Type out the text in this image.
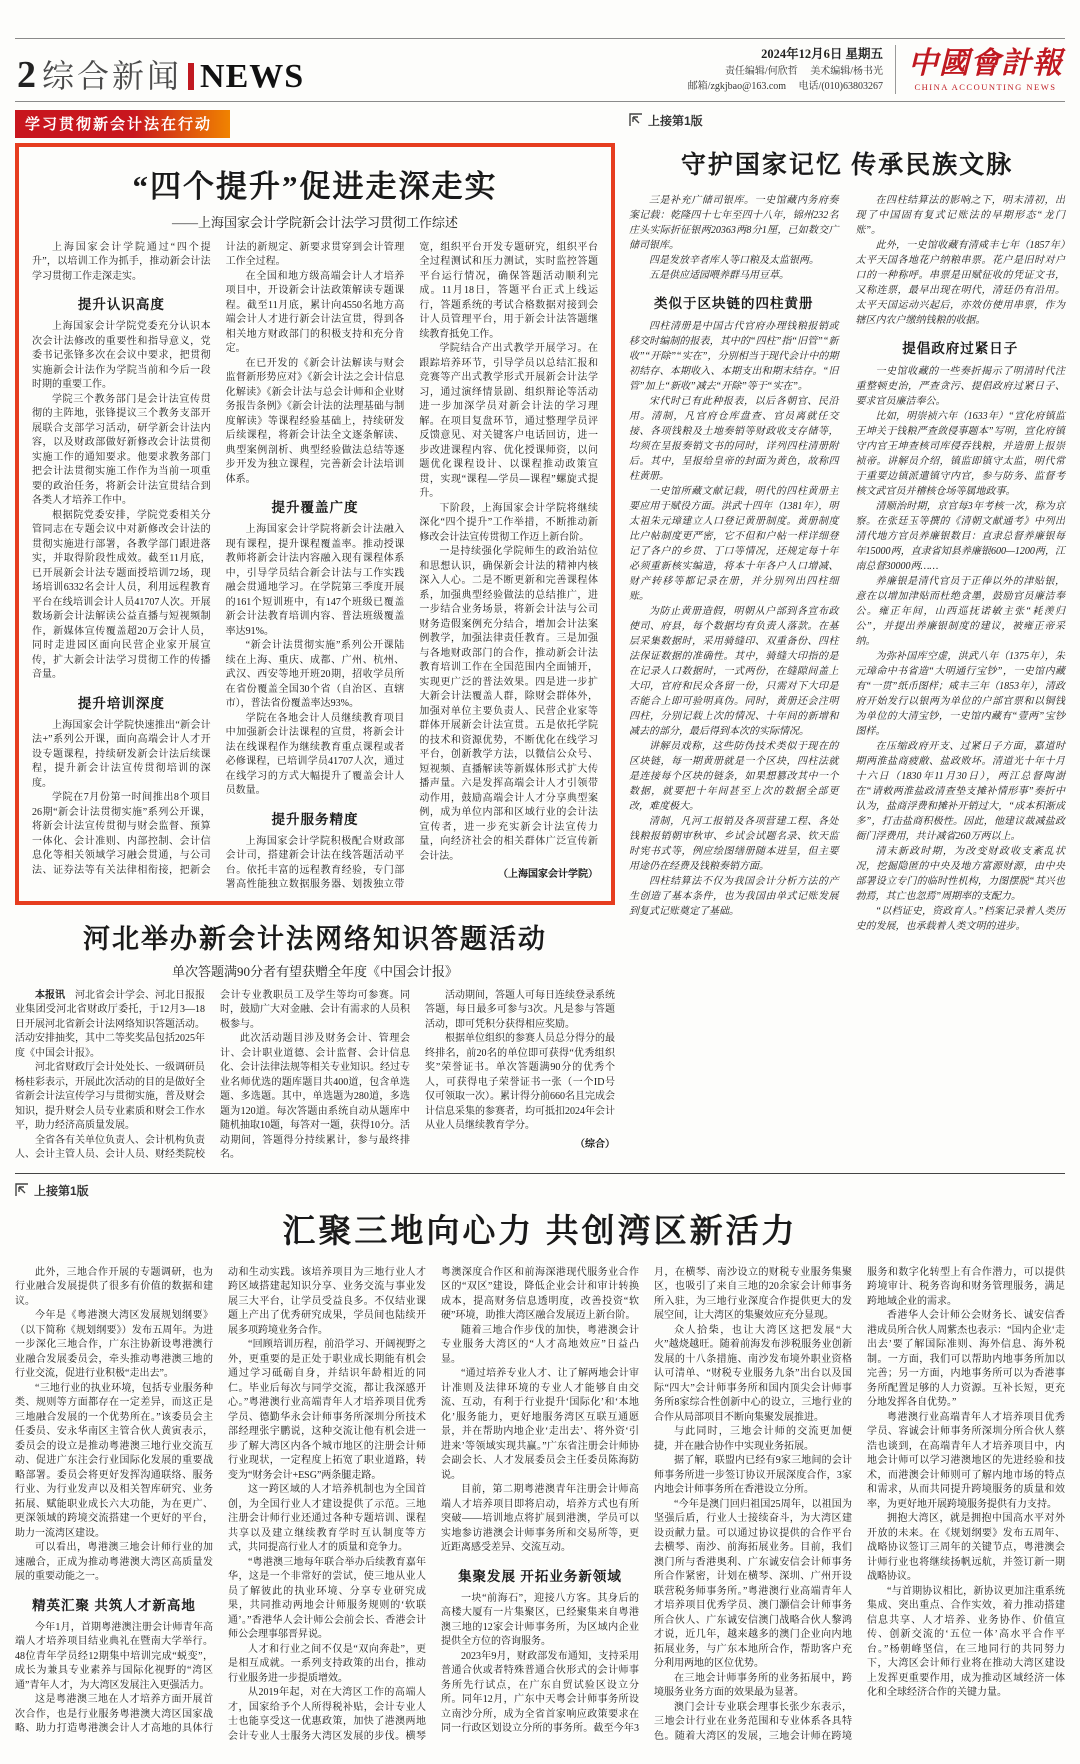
2 综合新闻 NEWS
2024年12月6日 星期五
责任编辑/何欣哲 美术编辑/杨书光
邮箱/zgkjbao@163.com 电话/(010)63803267
中國會計報
CHINA ACCOUNTING NEWS
学习贯彻新会计法在行动
“四个提升”促进走深走实
——上海国家会计学院新会计法学习贯彻工作综述

上海国家会计学院通过“四个提升”，以培训工作为抓手，推动新会计法学习贯彻工作走深走实。

提升认识高度

上海国家会计学院党委充分认识本次会计法修改的重要性和指导意义，党委书记张锋多次在会议中要求，把贯彻实施新会计法作为学院当前和今后一段时期的重要工作。

学院三个教务部门是会计法宣传贯彻的主阵地，张锋提议三个教务支部开展联合支部学习活动，研学新会计法内容，以及财政部做好新修改会计法贯彻实施工作的通知要求。他要求教务部门把会计法贯彻实施工作作为当前一项重要的政治任务，将新会计法宣贯结合到各类人才培养工作中。

根据院党委安排，学院党委相关分管同志在专题会议中对新修改会计法的贯彻实施进行部署，各教学部门跟进落实，并取得阶段性成效。截至11月底，已开展新会计法专题面授培训72场，现场培训6332名会计人员，利用远程教育平台在线培训会计人员41707人次。开展数场新会计法解读公益直播与短视频制作，新媒体宣传覆盖超20万会计人员，同时走进园区面向民营企业家开展宣传，扩大新会计法学习贯彻工作的传播音量。

提升培训深度

上海国家会计学院快速推出“新会计法+”系列公开课，面向高端会计人才开设专题课程，持续研发新会计法后续课程，提升新会计法宣传贯彻培训的深度。

学院在7月份第一时间推出8个项目26期“新会计法贯彻实施”系列公开课，将新会计法宣传贯彻与财会监督、预算一体化、会计准则、内部控制、会计信息化等相关领域学习融会贯通，与公司法、证券法等有关法律相衔接，把新会计法的新规定、新要求贯穿到会计管理工作全过程。

在全国和地方级高端会计人才培养项目中，开设新会计法政策解读专题课程。截至11月底，累计向4550名地方高端会计人才进行新会计法宣贯，得到各相关地方财政部门的积极支持和充分肯定。

在已开发的《新会计法解读与财会监督新形势应对》《新会计法之会计信息化解读》《新会计法与总会计师和企业财务报告条例》《新会计法的法理基础与制度解读》等课程经验基础上，持续研发后续课程，将新会计法全文逐条解读、典型案例剖析、典型经验做法总结等逐步开发为独立课程，完善新会计法培训体系。

提升覆盖广度

上海国家会计学院将新会计法融入现有课程，提升课程覆盖率。推动授课教师将新会计法内容融入现有课程体系中，引导学员结合新会计法与工作实践融会贯通地学习。在学院第三季度开展的161个短训班中，有147个班级已覆盖新会计法教育培训内容、普法班级覆盖率达91%。

“新会计法贯彻实施”系列公开课陆续在上海、重庆、成都、广州、杭州、武汉、西安等地开班20期，招收学员所在省份覆盖全国30个省（自治区、直辖市），普法省份覆盖率达93%。

学院在各地会计人员继续教育项目中加强新会计法课程的宣贯，将新会计法在线课程作为继续教育重点课程或者必修课程，已培训学员41707人次，通过在线学习的方式大幅提升了覆盖会计人员数量。

提升服务精度

上海国家会计学院积极配合财政部会计司，搭建新会计法在线答题活动平台。依托丰富的远程教育经验，专门部署高性能独立数据服务器、划拨独立带宽，组织平台开发专题研究，组织平台全过程测试和压力测试，实时监控答题平台运行情况，确保答题活动顺利完成。11月18日，答题平台正式上线运行，答题系统的考试合格数据对接到会计人员管理平台，用于新会计法答题继续教育抵免工作。

学院结合产出式教学开展学习。在跟踪培养环节，引导学员以总结汇报和竞赛等产出式教学形式开展新会计法学习，通过演绎情景剧、组织辩论等活动进一步加深学员对新会计法的学习理解。在项目复盘环节，通过整理学员评反馈意见、对关键客户电话回访，进一步改进课程内容、优化授课师资，以问题优化课程设计、以课程推动政策宣贯，实现“课程—学员—课程”螺旋式提升。

下阶段，上海国家会计学院将继续深化“四个提升”工作举措，不断推动新修改会计法宣传贯彻工作迈上新台阶。

一是持续强化学院师生的政治站位和思想认识，确保新会计法的精神内核深入人心。二是不断更新和完善课程体系，加强典型经验做法的总结推广，进一步结合业务场景，将新会计法与公司财务造假案例充分结合，增加会计法案例教学，加强法律责任教育。三是加强与各地财政部门的合作，推动新会计法教育培训工作在全国范围内全面铺开，实现更广泛的普法效果。四是进一步扩大新会计法覆盖人群，除财会群体外，加强对单位主要负责人、民营企业家等群体开展新会计法宣贯。五是依托学院的技术和资源优势，不断优化在线学习平台，创新教学方法，以微信公众号、短视频、直播解读等新媒体形式扩大传播声量。六是发挥高端会计人才引领带动作用，鼓励高端会计人才分享典型案例，成为单位内部和区域行业的会计法宣传者，进一步充实新会计法宣传力量，向经济社会的相关群体广泛宣传新会计法。

（上海国家会计学院）

河北举办新会计法网络知识答题活动
单次答题满90分者有望获赠全年度《中国会计报》

本报讯　河北省会计学会、河北日报报业集团受河北省财政厅委托，于12月3—18日开展河北省新会计法网络知识答题活动。活动安排抽奖，其中二等奖奖品包括2025年度《中国会计报》。

河北省财政厅会计处处长、一级调研员杨桂彩表示，开展此次活动的目的是做好全省新会计法宣传学习与贯彻实施，普及财会知识，提升财会人员专业素质和财会工作水平，助力经济高质量发展。

全省各有关单位负责人、会计机构负责人、会计主管人员、会计人员、财经类院校会计专业教职员工及学生等均可参赛。同时，鼓励广大对金融、会计有需求的人员积极参与。

此次活动题目涉及财务会计、管理会计、会计职业道德、会计监督、会计信息化、会计法律法规等相关专业知识。经过专业名师优选的题库题目共400道，包含单选题、多选题。其中，单选题为280道，多选题为120道。每次答题由系统自动从题库中随机抽取10题，每答对一题，获得10分。活动期间，答题得分持续累计，参与最终排名。

活动期间，答题人可每日连续登录系统答题，每日最多可参与3次。凡是参与答题活动，即可凭积分获得相应奖励。

根据单位组织的参赛人员总分得分的最终排名，前20名的单位即可获得“优秀组织奖”荣誉证书。单次答题满90分的优秀个人，可获得电子荣誉证书一张（一个ID号仅可领取一次）。累计得分前660名且完成会计信息采集的参赛者，均可抵扣2024年会计从业人员继续教育学分。

（综合）

上接第1版
守护国家记忆 传承民族文脉

三是补充广储司银库。一史馆藏内务府奏案记载：乾隆四十七年至四十八年，锦州232名庄头实际折征银两20363两8分1厘，已如数交广储司银库。

四是发放辛者库人等口粮及太监银两。

五是供应适园喂养群马用豆草。

类似于区块链的四柱黄册

四柱清册是中国古代官府办理钱粮报销或移交时编制的报表，其中的“四柱”指“旧管”“新收”“开除”“实在”，分别相当于现代会计中的期初结存、本期收入、本期支出和期末结存。“旧管”加上“新收”减去“开除”等于“实在”。

宋代时已有此种报表，以后各朝官、民沿用。清制，凡官府仓库盘查、官员离就任交接、各项钱粮及土地奏销等财政收支存储等，均须在呈报奏销文书的同时，详列四柱清册附后。其中，呈报给皇帝的封面为黄色，故称四柱黄册。

一史馆所藏文献记载，明代的四柱黄册主要应用于赋役方面。洪武十四年（1381年），明太祖朱元璋建立人口登记黄册制度。黄册制度比户帖制度更严密，它不但和户帖一样详细登记了各户的乡贯、丁口等情况，还规定每十年必须重新核实编造，将本十年各户人口增减、财产转移等都记录在册，并分别列出四柱细账。

为防止黄册造假，明朝从户部到各宣布政使司、府县，每个数据均有负责人落款。在基层采集数据时，采用骑缝印、双重备份、四柱法保证数据的准确性。其中，骑缝大印指的是在记录人口数据时，一式两份，在缝隙间盖上大印，官府和民众各留一份，只需对下大印是否能合上即可验明真伪。同时，黄册还会注明四柱，分别记载上次的情况、十年间的新增和减去的部分，最后得到本次的实际情况。

讲解员戏称，这些防伪技术类似于现在的区块链，每一期黄册就是一个区块，四柱法就是连接每个区块的链条，如果想篡改其中一个数据，就要把十年间甚至上次的数据全部更改，难度极大。

清制，凡河工报销及各项营建工程、各处钱粮报销朝审秋审、乡试会试题名录、钦天监时宪书式等，例应绘图缮册随本进呈，但主要用途仍在经费及钱粮奏销方面。

四柱结算法不仅为我国会计分析方法的产生创造了基本条件，也为我国由单式记账发展到复式记账奠定了基础。

在四柱结算法的影响之下，明末清初，出现了中国固有复式记账法的早期形态“龙门账”。

此外，一史馆收藏有清咸丰七年（1857年）太平天国各地花户纳粮串票。花户是旧时对户口的一种称呼。串票是田赋征收的凭证文书，又称连票，最早出现在明代，清廷仍有沿用。太平天国运动兴起后，亦效仿使用串票，作为辖区内农户缴纳钱粮的收据。

提倡政府过紧日子

一史馆收藏的一些奏折揭示了明清时代注重整顿吏治，严查贪污、提倡政府过紧日子、要求官员廉洁奉公。

比如，明崇祯六年（1633年）“宣化府镇监王坤关于钱粮严查敛侵事题本”写明，宣化府镇守内官王坤查核司库侵吞钱粮，并造册上报崇祯帝。讲解员介绍，镇监即镇守太监，明代常于重要边镇派遣镇守内官，参与防务、监督考核文武官员并稽核仓场等属地政事。

清顺治时期，京官每3年考核一次，称为京察。在张廷玉等撰的《清朝文献通考》中列出清代地方官员养廉银数目：直隶总督养廉银每年15000两，直隶省知县养廉银600—1200两，江南总督30000两……

养廉银是清代官员于正俸以外的津贴银，意在以增加津贴而杜绝贪墨，鼓励官员廉洁奉公。雍正年间，山西巡抚诺敏主张“耗羡归公”，并提出养廉银制度的建议，被雍正帝采纳。

为弥补国库空虚，洪武八年（1375年），朱元璋命中书省造“大明通行宝钞”，一史馆内藏有“一贯”纸币图样；咸丰三年（1853年），清政府开始发行以银两为单位的户部官票和以铜钱为单位的大清宝钞，一史馆内藏有“壹两”宝钞图样。

在压缩政府开支、过紧日子方面，嘉道时期两淮盐商疲敝、盐政败坏。清道光十年十月十六日（1830年11月30日），两江总督陶澍在“请敕两淮盐政清查垫支摊补情形事”奏折中认为，盐商浮费和摊补开销过大，“成本积渐成多”，打击盐商积极性。因此，他建议裁减盐政衙门浮费用，共计减省260万两以上。

清末新政时期，为改变财政收支紊乱状况，挖掘隐匿的中央及地方富源财源，由中央部署设立专门的临时性机构，力图摆脱“其兴也勃焉，其亡也忽焉”周期率的支配力。

“以档证史，资政育人。”档案记录着人类历史的发展，也承载着人类文明的进步。

上接第1版
汇聚三地向心力 共创湾区新活力

此外，三地合作开展的专题调研，也为行业融合发展提供了很多有价值的数据和建议。

今年是《粤港澳大湾区发展规划纲要》（以下简称《规划纲要》）发布五周年。为进一步深化三地合作，广东注协新设粤港澳行业融合发展委员会，牵头推动粤港澳三地的行业交流，促进行业积极“走出去”。

“三地行业的执业环境，包括专业服务种类、规则等方面都存在一定差异，而这正是三地融合发展的一个优势所在。”该委员会主任委员、安永华南区主管合伙人黄寅表示，委员会的设立是推动粤港澳三地行业交流互动、促进广东注会行业国际化发展的重要战略部署。委员会将更好发挥沟通联络、服务行业、为行业发声以及相关智库研究、业务拓展、赋能职业成长六大功能，为在更广、更深领域的跨境交流搭建一个更好的平台，助力一流湾区建设。

可以看出，粤港澳三地会计师行业的加速融合，正成为推动粤港澳大湾区高质量发展的重要动能之一。

精英汇聚 共筑人才新高地

今年1月，首期粤港澳注册会计师青年高端人才培养项目结业典礼在暨南大学举行。48位青年学员经12期集中培训完成“蜕变”，成长为兼具专业素养与国际化视野的“湾区通”青年人才，为大湾区发展注入更强活力。

这是粤港澳三地在人才培养方面开展首次合作，也是行业服务粤港澳大湾区国家战略、助力打造粤港澳会计人才高地的具体行动和生动实践。该培养项目为三地行业人才跨区域搭建起知识分享、业务交流与事业发展三大平台，让学员受益良多。不仅结业课题上产出了优秀研究成果，学员间也陆续开展多项跨境业务合作。

“回顾培训历程，前沿学习、开阔视野之外，更重要的是正处于职业成长期能有机会通过学习砥砺自身，并结识年龄相近的同仁。毕业后每次与同学交流，都让我深感开心。”粤港澳行业高端青年人才培养项目优秀学员、德勤华永会计师事务所深圳分所技术部经理张宇鹏说，这种交流让他有机会进一步了解大湾区内各个城市地区的注册会计师行业现状，一定程度上拓宽了职业道路，转变为“财务会计+ESG”两条腿走路。

这一跨区域的人才培养机制也为全国首创，为全国行业人才建设提供了示范。三地注册会计师行业还通过各种专题培训、课程共享以及建立继续教育学时互认制度等方式，共同提高行业人才的质量和竞争力。

“粤港澳三地每年联合举办后续教育嘉年华，这是一个非常好的尝试，使三地从业人员了解彼此的执业环境、分享专业研究成果，共同推动两地会计师服务规则的‘软联通’。”香港华人会计师公会前会长、香港会计师公会理事邬晋昇说。

人才和行业之间不仅是“双向奔赴”，更是相互成就。一系列支持政策的出台，推动行业服务进一步提质增效。

从2019年起，对在大湾区工作的高端人才，国家给予个人所得税补贴，会计专业人士也能享受这一优惠政策，加快了港澳两地会计专业人士服务大湾区发展的步伐。横琴粤澳深度合作区和前海深港现代服务业合作区的“双区”建设，降低企业会计和审计转换成本，提高财务信息透明度，改善投资“软硬”环境，助推大湾区融合发展迈上新台阶。

随着三地合作步伐的加快，粤港澳会计专业服务大湾区的“人才高地效应”日益凸显。

“通过培养专业人才、让了解两地会计审计准则及法律环境的专业人才能够自由交流、互动，有利于行业提升‘国际化’和‘本地化’服务能力，更好地服务湾区互联互通愿景，并在帮助内地企业‘走出去’、将外资‘引进来’等领域实现共赢。”广东省注册会计师协会副会长、人才发展委员会主任委员陈海防说。

目前，第二期粤港澳青年注册会计师高端人才培养项目即将启动，培养方式也有所突破——培训地点将扩展到港澳，学员可以实地参访港澳会计师事务所和交易所等，更近距离感受差异、交流互动。

集聚发展 开拓业务新领域

一块“前海石”，迎接八方客。其身后的高楼大厦有一片集聚区，已经聚集来自粤港澳三地的12家会计师事务所，为区域内企业提供全方位的咨询服务。

2023年9月，财政部发布通知，支持采用普通合伙或者特殊普通合伙形式的会计师事务所先行试点，在广东自贸试验区设立分所。同年12月，广东中天粤会计师事务所设立南沙分所，成为全省首家响应政策要求在同一行政区划设立分所的事务所。截至今年3月，在横琴、南沙设立的财税专业服务集聚区，也吸引了来自三地的20余家会计师事务所入驻，为三地行业深度合作提供更大的发展空间，让大湾区的集聚效应充分显现。

众人拾柴，也让大湾区这把发展“大火”越烧越旺。随着前海发布涉税服务业创新发展的十八条措施、南沙发布境外职业资格认可清单、“财税专业服务九条”出台以及国际“四大”会计师事务所和国内顶尖会计师事务所8家综合性创新中心的设立，三地行业的合作从局部项目不断向集聚发展推进。

与此同时，三地会计师的交流更加便捷，并在融合协作中实现业务拓展。

据了解，联盟内已经有9家三地间的会计师事务所进一步签订协议开展深度合作，3家内地会计师事务所在香港设立分所。

“今年是澳门回归祖国25周年，以祖国为坚强后盾，行业人士接续奋斗，为大湾区建设贡献力量。可以通过协议提供的合作平台去横琴、南沙、前海拓展业务。目前，我们澳门所与香港奥利、广东诚安信会计师事务所合作紧密，计划在横琴、深圳、广州开设联营税务师事务所。”粤港澳行业高端青年人才培养项目优秀学员、澳门灏信会计师事务所合伙人、广东诚安信澳门战略合伙人黎鸿才说，近几年，越来越多的澳门企业向内地拓展业务，与广东本地所合作，帮助客户充分利用两地的区位优势。

在三地会计师事务所的业务拓展中，跨境服务业务方面的效果最为显著。

澳门会计专业联会理事长张少东表示，三地会计行业在业务范围和专业体系各具特色。随着大湾区的发展，三地会计师在跨境服务和数字化转型上有合作潜力，可以提供跨境审计、税务咨询和财务管理服务，满足跨地域企业的需求。

香港华人会计师公会财务长、诚安信香港成员所合伙人周紫杰也表示：“国内企业‘走出去’要了解国际准则、海外信息、海外税制。一方面，我们可以帮助内地事务所加以完善；另一方面，内地事务所可以为香港事务所配置足够的人力资源。互补长短，更充分地发挥各自优势。”

粤港澳行业高端青年人才培养项目优秀学员、容诚会计师事务所深圳分所合伙人蔡浩也谈到，在高端青年人才培养项目中，内地会计师可以学习港澳地区的先进经验和技术，而港澳会计师则可了解内地市场的特点和需求，从而共同提升跨境服务的质量和效率，为更好地开展跨境服务提供有力支持。

拥抱大湾区，就是拥抱中国高水平对外开放的未来。在《规划纲要》发布五周年、战略协议签订三周年的关键节点，粤港澳会计师行业也将继续扬帆远航，并签订新一期战略协议。

“与首期协议相比，新协议更加注重系统集成、突出重点、合作实效，着力推动搭建信息共享、人才培养、业务协作、价值宣传、创新交流的‘五位一体’高水平合作平台。”杨朝峰坚信，在三地同行的共同努力下，大湾区会计师行业将在推动大湾区建设上发挥更重要作用，成为推动区域经济一体化和全球经济合作的关键力量。
